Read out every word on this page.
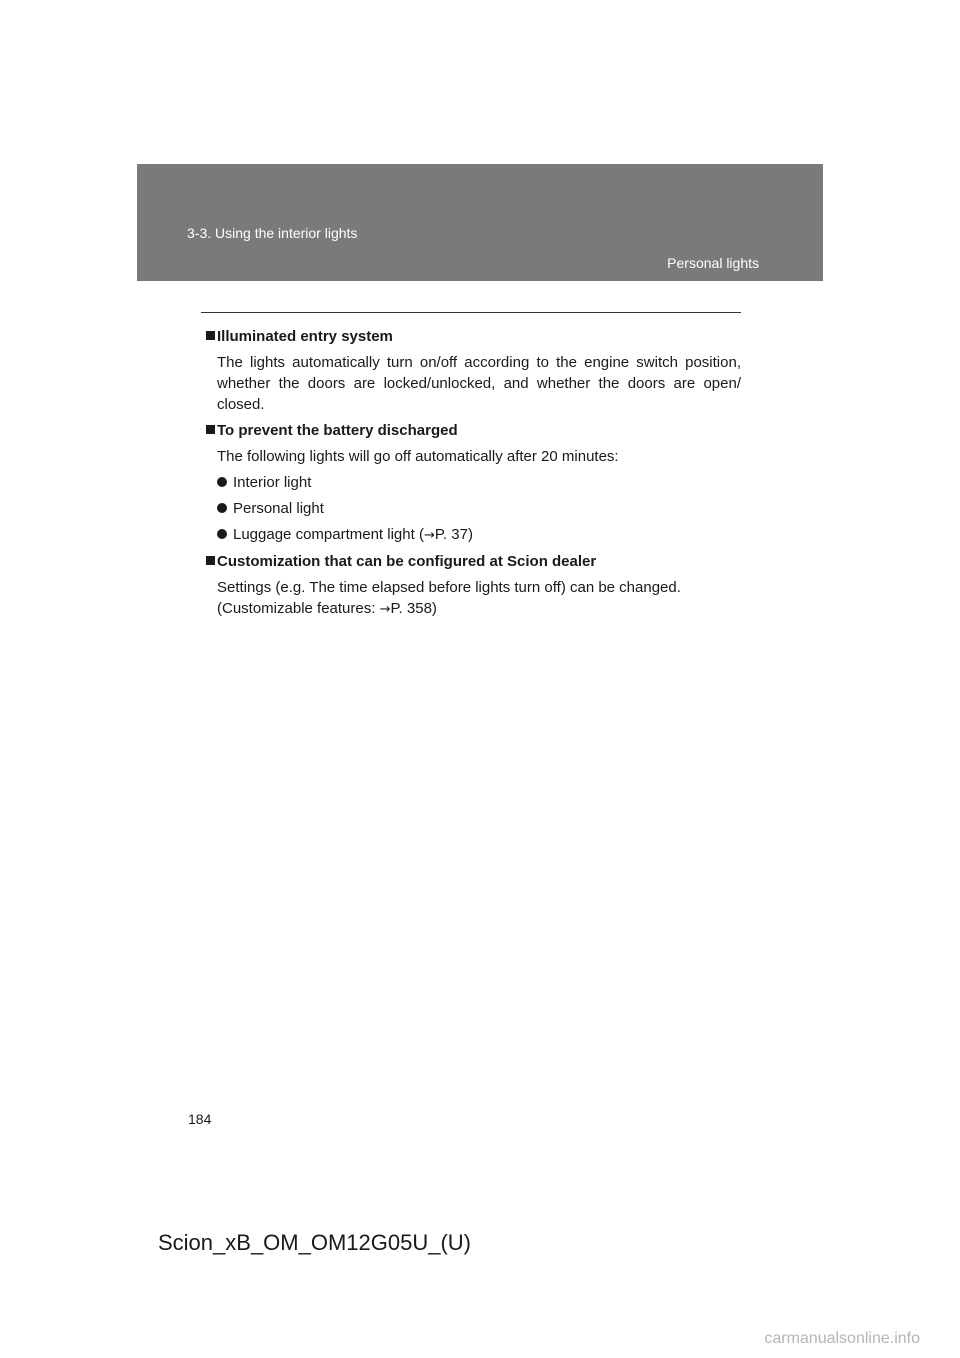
3-3. Using the interior lights
Personal lights
Illuminated entry system
The lights automatically turn on/off according to the engine switch position, whether the doors are locked/unlocked, and whether the doors are open/ closed.
To prevent the battery discharged
The following lights will go off automatically after 20 minutes:
Interior light
Personal light
Luggage compartment light (→P. 37)
Customization that can be configured at Scion dealer
Settings (e.g. The time elapsed before lights turn off) can be changed.
(Customizable features: →P. 358)
184
Scion_xB_OM_OM12G05U_(U)
carmanualsonline.info
